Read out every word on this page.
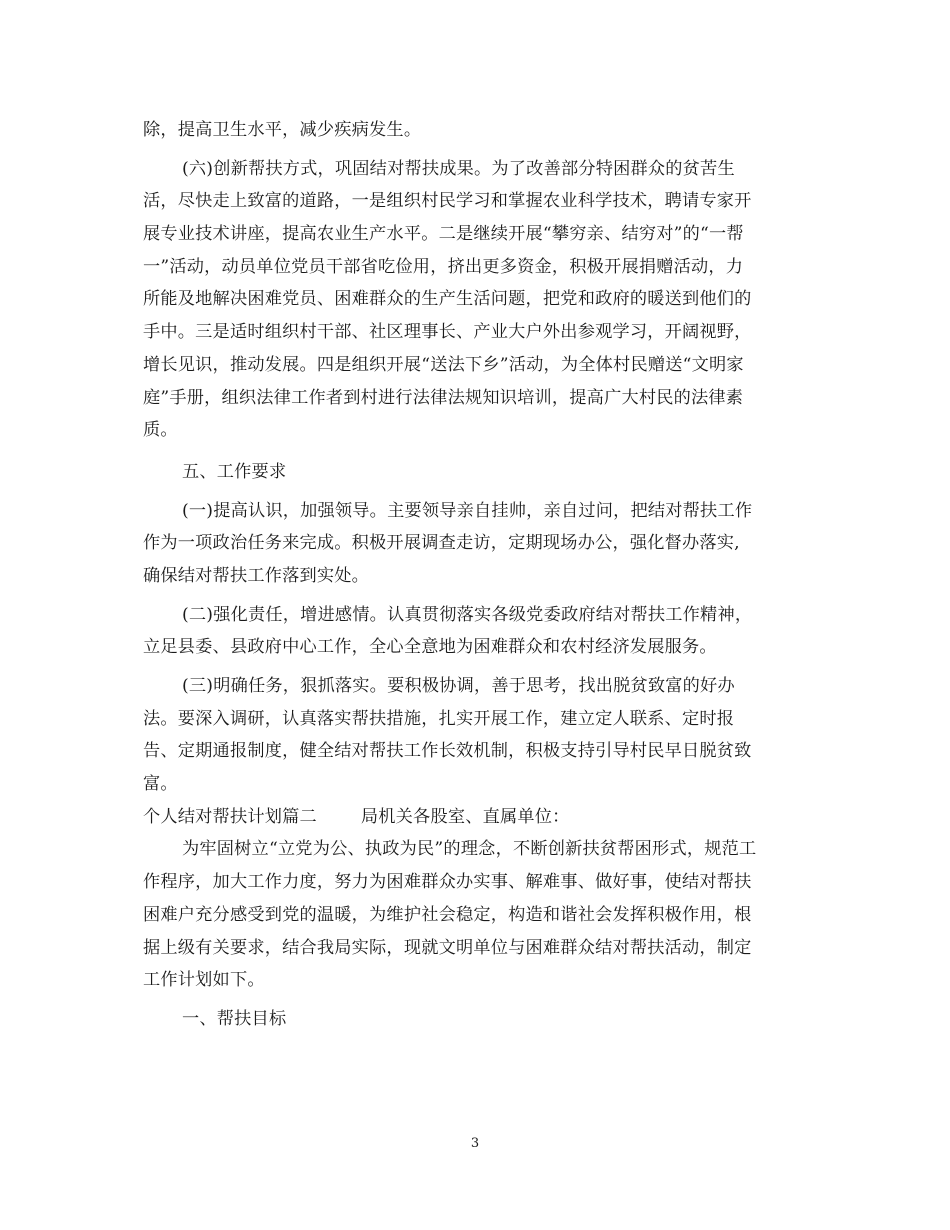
除，提高卫生水平，减少疾病发生。
(六)创新帮扶方式，巩固结对帮扶成果。为了改善部分特困群众的贫苦生
活，尽快走上致富的道路，一是组织村民学习和掌握农业科学技术，聘请专家开
展专业技术讲座，提高农业生产水平。二是继续开展“攀穷亲、结穷对”的“一帮
一”活动，动员单位党员干部省吃俭用，挤出更多资金，积极开展捐赠活动，力
所能及地解决困难党员、困难群众的生产生活问题，把党和政府的暖送到他们的
手中。三是适时组织村干部、社区理事长、产业大户外出参观学习，开阔视野，
增长见识，推动发展。四是组织开展“送法下乡”活动，为全体村民赠送“文明家
庭”手册，组织法律工作者到村进行法律法规知识培训，提高广大村民的法律素
质。
五、工作要求
(一)提高认识，加强领导。主要领导亲自挂帅，亲自过问，把结对帮扶工作
作为一项政治任务来完成。积极开展调查走访，定期现场办公，强化督办落实,
确保结对帮扶工作落到实处。
(二)强化责任，增进感情。认真贯彻落实各级党委政府结对帮扶工作精神，
立足县委、县政府中心工作，全心全意地为困难群众和农村经济发展服务。
(三)明确任务，狠抓落实。要积极协调，善于思考，找出脱贫致富的好办
法。要深入调研，认真落实帮扶措施，扎实开展工作，建立定人联系、定时报
告、定期通报制度，健全结对帮扶工作长效机制，积极支持引导村民早日脱贫致
富。
个人结对帮扶计划篇二	局机关各股室、直属单位：
为牢固树立“立党为公、执政为民”的理念，不断创新扶贫帮困形式，规范工
作程序，加大工作力度，努力为困难群众办实事、解难事、做好事，使结对帮扶
困难户充分感受到党的温暖，为维护社会稳定，构造和谐社会发挥积极作用，根
据上级有关要求，结合我局实际，现就文明单位与困难群众结对帮扶活动，制定
工作计划如下。
一、帮扶目标
3
